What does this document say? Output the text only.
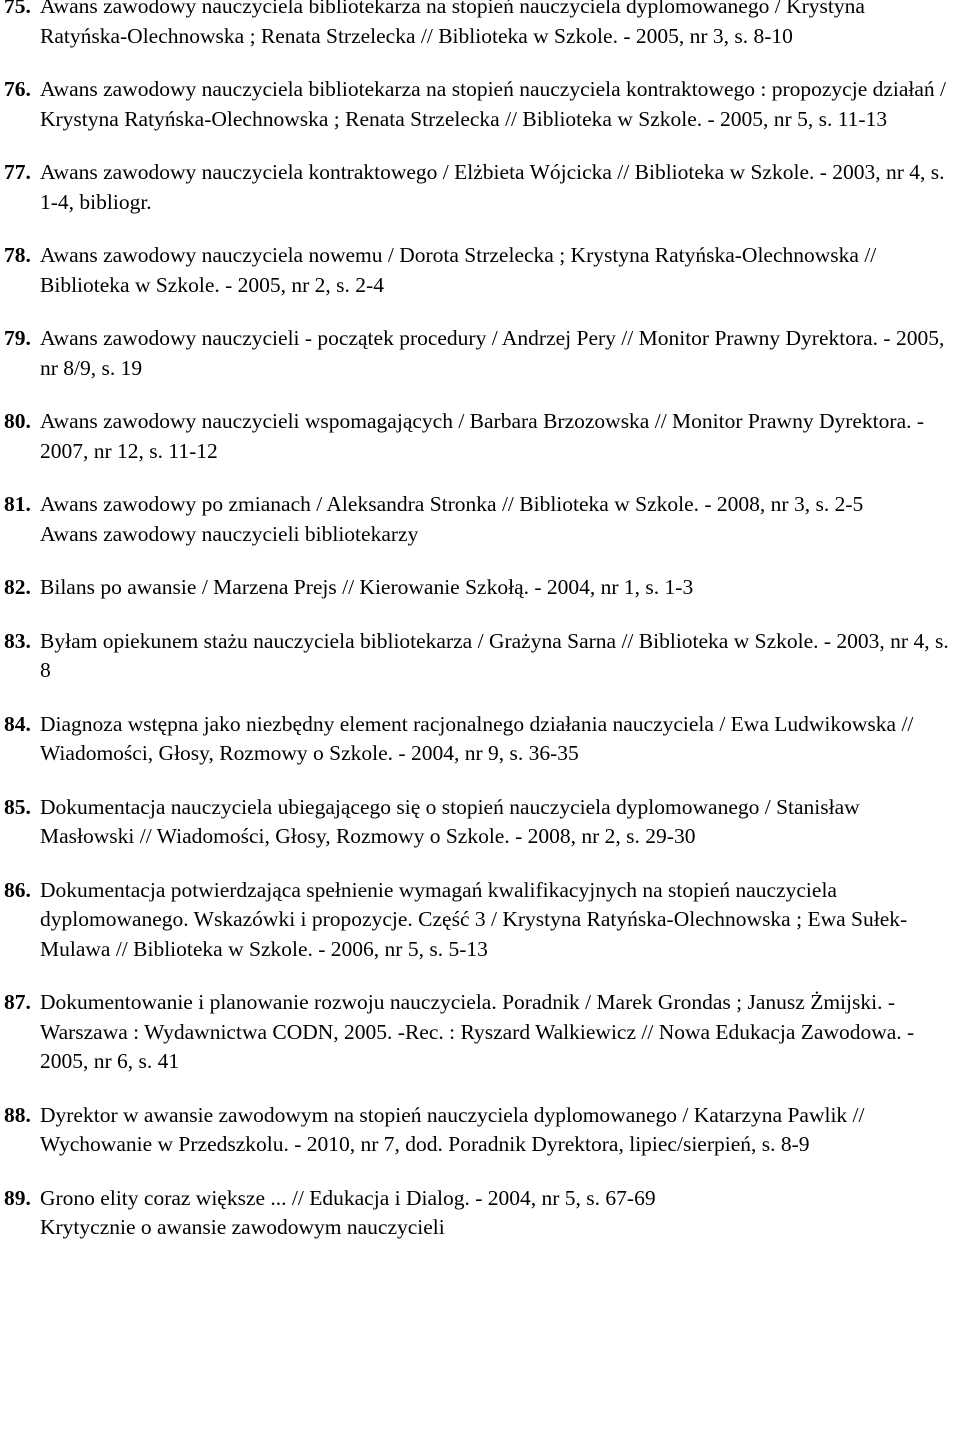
75. Awans zawodowy nauczyciela bibliotekarza na stopień nauczyciela dyplomowanego / Krystyna Ratyńska-Olechnowska ; Renata Strzelecka // Biblioteka w Szkole. - 2005, nr 3, s. 8-10
76. Awans zawodowy nauczyciela bibliotekarza na stopień nauczyciela kontraktowego : propozycje działań / Krystyna Ratyńska-Olechnowska ; Renata Strzelecka // Biblioteka w Szkole. - 2005, nr 5, s. 11-13
77. Awans zawodowy nauczyciela kontraktowego / Elżbieta Wójcicka // Biblioteka w Szkole. - 2003, nr 4, s. 1-4, bibliogr.
78. Awans zawodowy nauczyciela nowemu / Dorota Strzelecka ; Krystyna Ratyńska-Olechnowska // Biblioteka w Szkole. - 2005, nr 2, s. 2-4
79. Awans zawodowy nauczycieli - początek procedury / Andrzej Pery // Monitor Prawny Dyrektora. - 2005, nr 8/9, s. 19
80. Awans zawodowy nauczycieli wspomagających / Barbara Brzozowska // Monitor Prawny Dyrektora. - 2007, nr 12, s. 11-12
81. Awans zawodowy po zmianach / Aleksandra Stronka // Biblioteka w Szkole. - 2008, nr 3, s. 2-5
Awans zawodowy nauczycieli bibliotekarzy
82. Bilans po awansie / Marzena Prejs // Kierowanie Szkołą. - 2004, nr 1, s. 1-3
83. Byłam opiekunem stażu nauczyciela bibliotekarza / Grażyna Sarna // Biblioteka w Szkole. - 2003, nr 4, s. 8
84. Diagnoza wstępna jako niezbędny element racjonalnego działania nauczyciela / Ewa Ludwikowska // Wiadomości, Głosy, Rozmowy o Szkole. - 2004, nr 9, s. 36-35
85. Dokumentacja nauczyciela ubiegającego się o stopień nauczyciela dyplomowanego / Stanisław Masłowski // Wiadomości, Głosy, Rozmowy o Szkole. - 2008, nr 2, s. 29-30
86. Dokumentacja potwierdzająca spełnienie wymagań kwalifikacyjnych na stopień nauczyciela dyplomowanego. Wskazówki i propozycje. Część 3 / Krystyna Ratyńska-Olechnowska ; Ewa Sułek-Mulawa // Biblioteka w Szkole. - 2006, nr 5, s. 5-13
87. Dokumentowanie i planowanie rozwoju nauczyciela. Poradnik / Marek Grondas ; Janusz Żmijski. - Warszawa : Wydawnictwa CODN, 2005. -Rec. : Ryszard Walkiewicz // Nowa Edukacja Zawodowa. - 2005, nr 6, s. 41
88. Dyrektor w awansie zawodowym na stopień nauczyciela dyplomowanego / Katarzyna Pawlik // Wychowanie w Przedszkolu. - 2010, nr 7, dod. Poradnik Dyrektora, lipiec/sierpień, s. 8-9
89. Grono elity coraz większe ... // Edukacja i Dialog. - 2004, nr 5, s. 67-69
Krytycznie o awansie zawodowym nauczycieli
